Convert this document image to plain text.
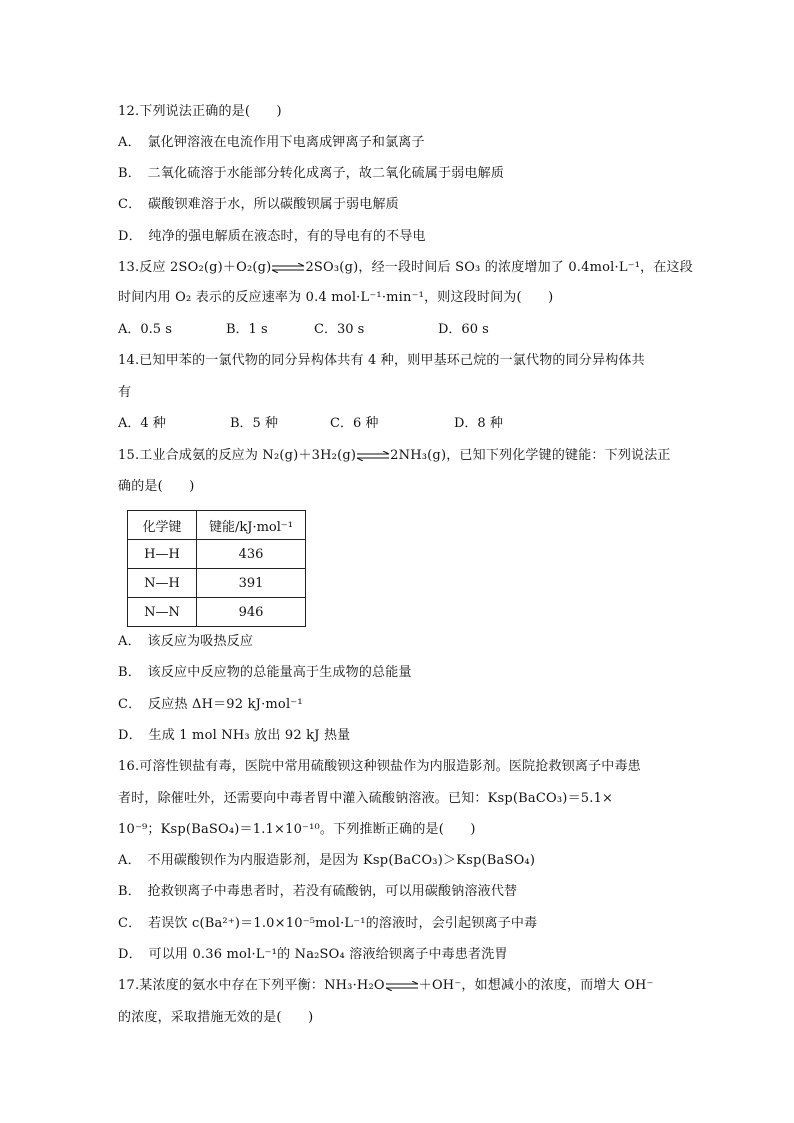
12.下列说法正确的是(　　)
A．　氯化钾溶液在电流作用下电离成钾离子和氯离子
B．　二氧化硫溶于水能部分转化成离子，故二氧化硫属于弱电解质
C．　碳酸钡难溶于水，所以碳酸钡属于弱电解质
D．　纯净的强电解质在液态时，有的导电有的不导电
13.反应 2SO₂(g)＋O₂(g)⇌2SO₃(g)，经一段时间后 SO₃ 的浓度增加了 0.4mol·L⁻¹，在这段
时间内用 O₂ 表示的反应速率为 0.4 mol·L⁻¹·min⁻¹，则这段时间为(　　)
A．0.5 s	B．1 s	C．30 s	D．60 s
14.已知甲苯的一氯代物的同分异构体共有 4 种，则甲基环己烷的一氯代物的同分异构体共
有
A．4 种	B．5 种	C．6 种	D．8 种
15.工业合成氨的反应为 N₂(g)＋3H₂(g)⇌2NH₃(g)，已知下列化学键的键能：下列说法正
确的是(　　)
化学键	键能/kJ·mol⁻¹
H—H	436
N—H	391
N—N	946
A．　该反应为吸热反应
B．　该反应中反应物的总能量高于生成物的总能量
C．　反应热 ΔH＝92 kJ·mol⁻¹
D．　生成 1 mol NH₃ 放出 92 kJ 热量
16.可溶性钡盐有毒，医院中常用硫酸钡这种钡盐作为内服造影剂。医院抢救钡离子中毒患
者时，除催吐外，还需要向中毒者胃中灌入硫酸钠溶液。已知：Ksp(BaCO₃)＝5.1×
10⁻⁹；Ksp(BaSO₄)＝1.1×10⁻¹⁰。下列推断正确的是(　　)
A．　不用碳酸钡作为内服造影剂，是因为 Ksp(BaCO₃)＞Ksp(BaSO₄)
B．　抢救钡离子中毒患者时，若没有硫酸钠，可以用碳酸钠溶液代替
C．　若误饮 c(Ba²⁺)＝1.0×10⁻⁵mol·L⁻¹的溶液时，会引起钡离子中毒
D．　可以用 0.36 mol·L⁻¹的 Na₂SO₄ 溶液给钡离子中毒患者洗胃
17.某浓度的氨水中存在下列平衡：NH₃·H₂O⇌＋OH⁻，如想减小的浓度，而增大 OH⁻
的浓度，采取措施无效的是(　　)
